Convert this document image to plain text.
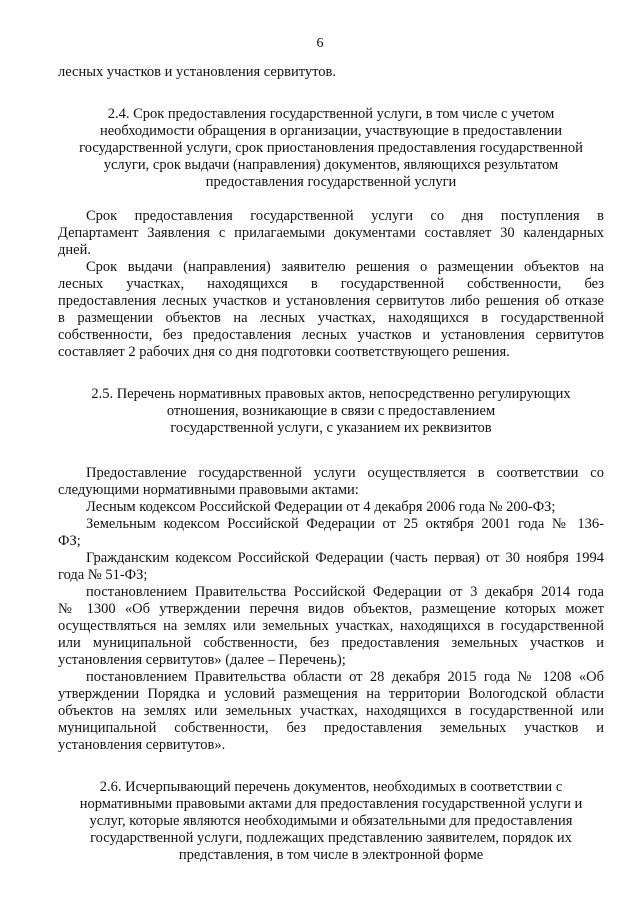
6
лесных участков и установления сервитутов.
2.4. Срок предоставления государственной услуги, в том числе с учетом
необходимости обращения в организации, участвующие в предоставлении
государственной услуги, срок приостановления предоставления государственной
услуги, срок выдачи (направления) документов, являющихся результатом
предоставления государственной услуги
Срок предоставления государственной услуги со дня поступления в
Департамент Заявления с прилагаемыми документами составляет 30 календарных
дней.
Срок выдачи (направления) заявителю решения о размещении объектов на
лесных участках, находящихся в государственной собственности, без
предоставления лесных участков и установления сервитутов либо решения об отказе
в размещении объектов на лесных участках, находящихся в государственной
собственности, без предоставления лесных участков и установления сервитутов
составляет 2 рабочих дня со дня подготовки соответствующего решения.
2.5. Перечень нормативных правовых актов, непосредственно регулирующих
отношения, возникающие в связи с предоставлением
государственной услуги, с указанием их реквизитов
Предоставление государственной услуги осуществляется в соответствии со
следующими нормативными правовыми актами:
Лесным кодексом Российской Федерации от 4 декабря 2006 года № 200-ФЗ;
Земельным кодексом Российской Федерации от 25 октября 2001 года № 136-
ФЗ;
Гражданским кодексом Российской Федерации (часть первая) от 30 ноября 1994
года № 51-ФЗ;
постановлением Правительства Российской Федерации от 3 декабря 2014 года
№ 1300 «Об утверждении перечня видов объектов, размещение которых может
осуществляться на землях или земельных участках, находящихся в государственной
или муниципальной собственности, без предоставления земельных участков и
установления сервитутов» (далее – Перечень);
постановлением Правительства области от 28 декабря 2015 года № 1208 «Об
утверждении Порядка и условий размещения на территории Вологодской области
объектов на землях или земельных участках, находящихся в государственной или
муниципальной собственности, без предоставления земельных участков и
установления сервитутов».
2.6. Исчерпывающий перечень документов, необходимых в соответствии с
нормативными правовыми актами для предоставления государственной услуги и
услуг, которые являются необходимыми и обязательными для предоставления
государственной услуги, подлежащих представлению заявителем, порядок их
представления, в том числе в электронной форме
